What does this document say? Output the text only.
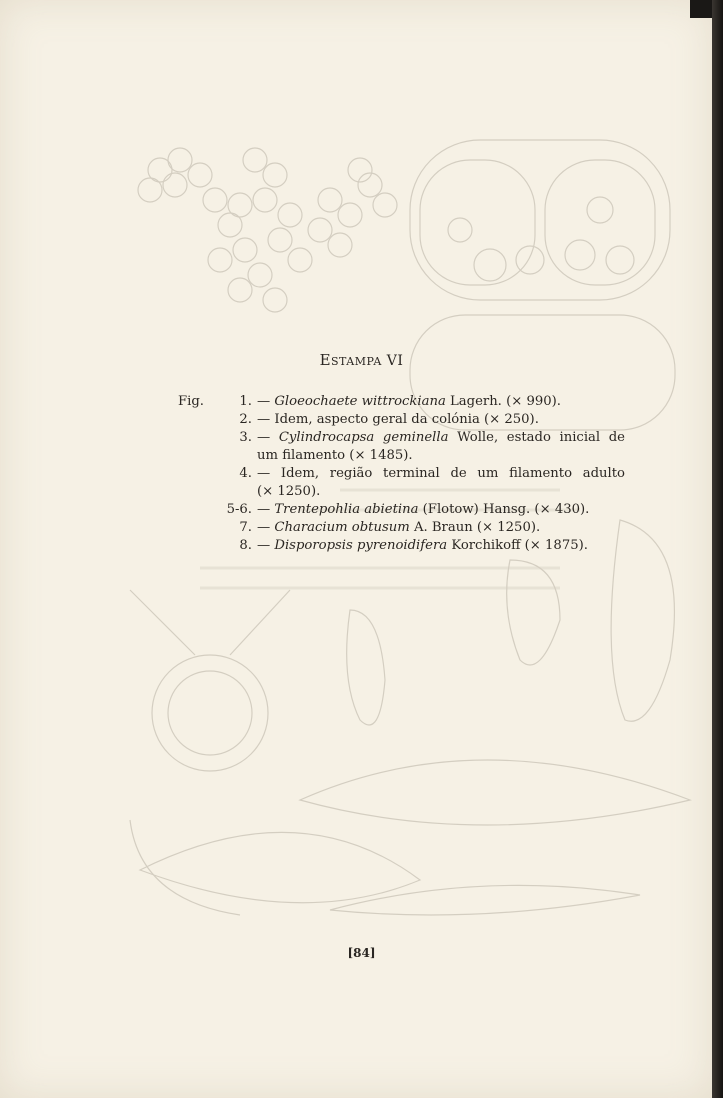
ESTAMPA VI
Fig.	1. — Gloeochaete wittrockiana Lagerh. (× 990).
2. — Idem, aspecto geral da colónia (× 250).
3. — Cylindrocapsa geminella Wolle, estado inicial de
um filamento (× 1485).
4. — Idem, região terminal de um filamento adulto
(× 1250).
5-6. — Trentepohlia abietina (Flotow) Hansg. (× 430).
7. — Characium obtusum A. Braun (× 1250).
8. — Disporopsis pyrenoidifera Korchikoff (× 1875).
[84]
